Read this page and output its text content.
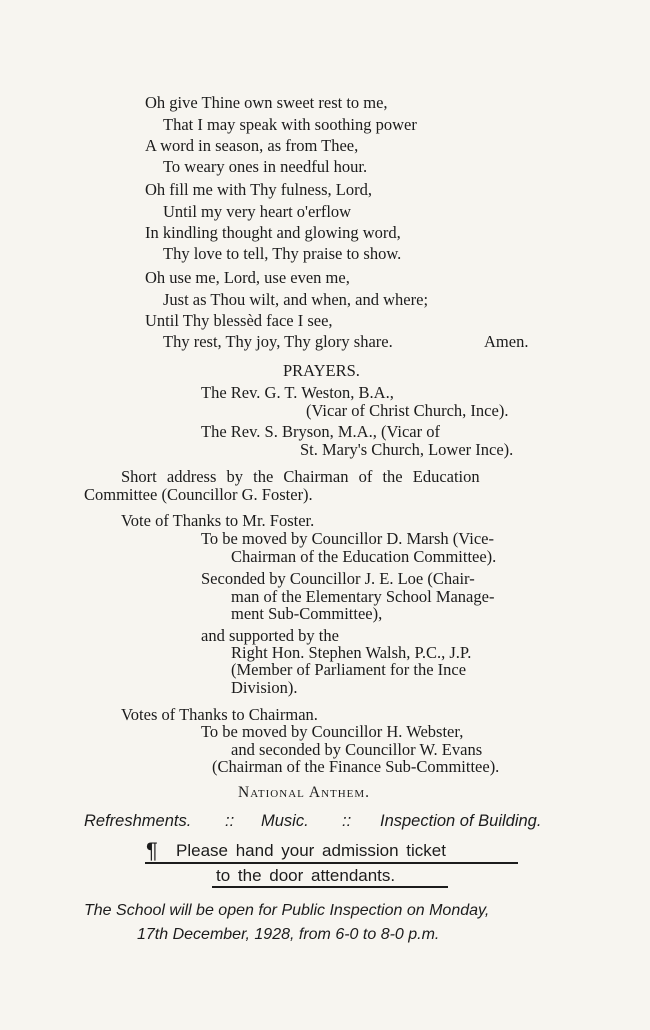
Oh give Thine own sweet rest to me,
That I may speak with soothing power
A word in season, as from Thee,
To weary ones in needful hour.
Oh fill me with Thy fulness, Lord,
Until my very heart o'erflow
In kindling thought and glowing word,
Thy love to tell, Thy praise to show.
Oh use me, Lord, use even me,
Just as Thou wilt, and when, and where;
Until Thy blessèd face I see,
Thy rest, Thy joy, Thy glory share.	Amen.
PRAYERS.
The Rev. G. T. Weston, B.A.,
(Vicar of Christ Church, Ince).
The Rev. S. Bryson, M.A., (Vicar of
St. Mary's Church, Lower Ince).
Short address by the Chairman of the Education
Committee (Councillor G. Foster).
Vote of Thanks to Mr. Foster.
To be moved by Councillor D. Marsh (Vice-
Chairman of the Education Committee).
Seconded by Councillor J. E. Loe (Chair-
man of the Elementary School Manage-
ment Sub-Committee),
and supported by the
Right Hon. Stephen Walsh, P.C., J.P.
(Member of Parliament for the Ince
Division).
Votes of Thanks to Chairman.
To be moved by Councillor H. Webster,
and seconded by Councillor W. Evans
(Chairman of the Finance Sub-Committee).
National Anthem.
Refreshments. :: Music. :: Inspection of Building.
¶ Please hand your admission ticket
to the door attendants.
The School will be open for Public Inspection on Monday,
17th December, 1928, from 6-0 to 8-0 p.m.
